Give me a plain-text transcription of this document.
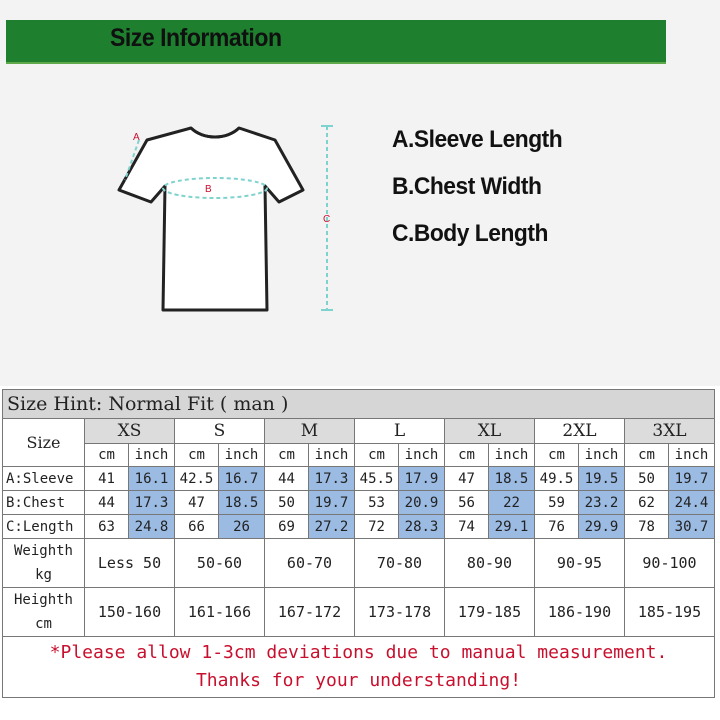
Size Information
A
B
C
A.Sleeve Length
B.Chest Width
C.Body Length
Size Hint: Normal Fit ( man )														
Size	XS		S		M		L		XL		2XL		3XL	
	cm	inch	cm	inch	cm	inch	cm	inch	cm	inch	cm	inch	cm	inch
A:Sleeve	41	16.1	42.5	16.7	44	17.3	45.5	17.9	47	18.5	49.5	19.5	50	19.7
B:Chest	44	17.3	47	18.5	50	19.7	53	20.9	56	22	59	23.2	62	24.4
C:Length	63	24.8	66	26	69	27.2	72	28.3	74	29.1	76	29.9	78	30.7

Weighth
kg	Less 50		50-60		60-70		70-80		80-90		90-95		90-100	

Heighth
cm	150-160		161-166		167-172		173-178		179-185		186-190		185-195	

*Please allow 1-3cm deviations due to manual measurement.
Thanks for your understanding!														
